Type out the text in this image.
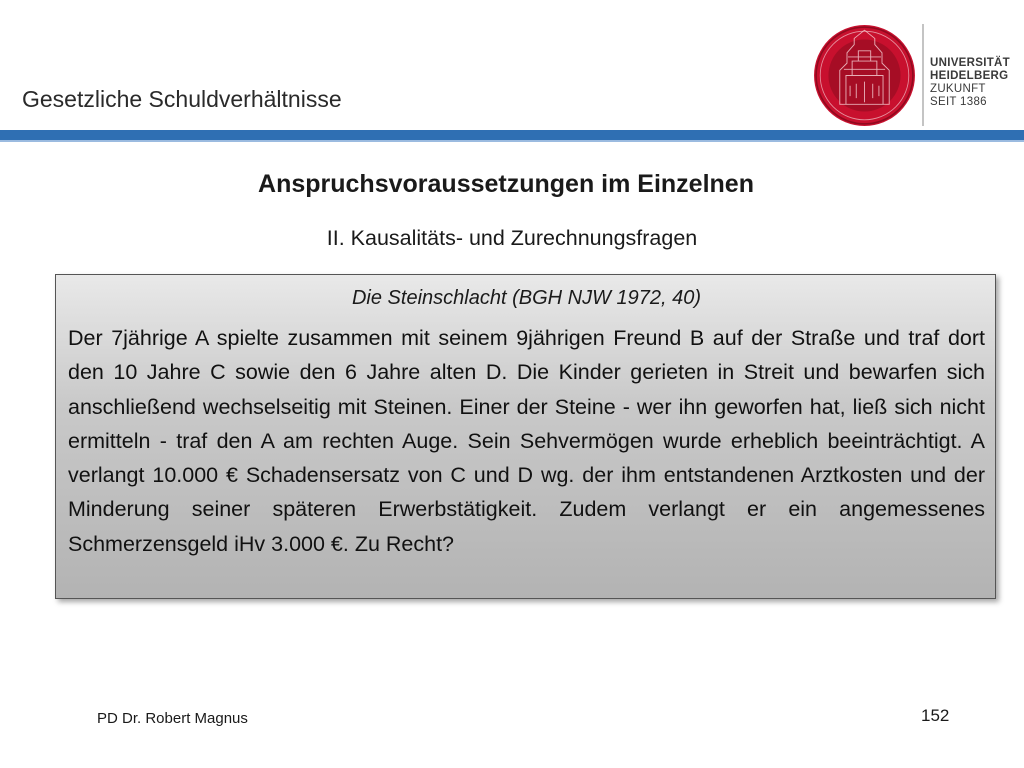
Gesetzliche Schuldverhältnisse
UNIVERSITÄT
HEIDELBERG
ZUKUNFT
SEIT 1386
Anspruchsvoraussetzungen im Einzelnen
II. Kausalitäts- und Zurechnungsfragen
Die Steinschlacht (BGH NJW 1972, 40)
Der 7jährige A spielte zusammen mit seinem 9jährigen Freund B auf der Straße und traf dort den 10 Jahre C sowie den 6 Jahre alten D. Die Kinder gerieten in Streit und bewarfen sich anschließend wechselseitig mit Steinen. Einer der Steine - wer ihn geworfen hat, ließ sich nicht ermitteln - traf den A am rechten Auge. Sein Sehvermögen wurde erheblich beeinträchtigt. A verlangt 10.000 € Schadensersatz von C und D wg. der ihm entstandenen Arztkosten und der Minderung seiner späteren Erwerbstätigkeit. Zudem verlangt er ein angemessenes Schmerzensgeld iHv 3.000 €. Zu Recht?
PD Dr. Robert Magnus	152
